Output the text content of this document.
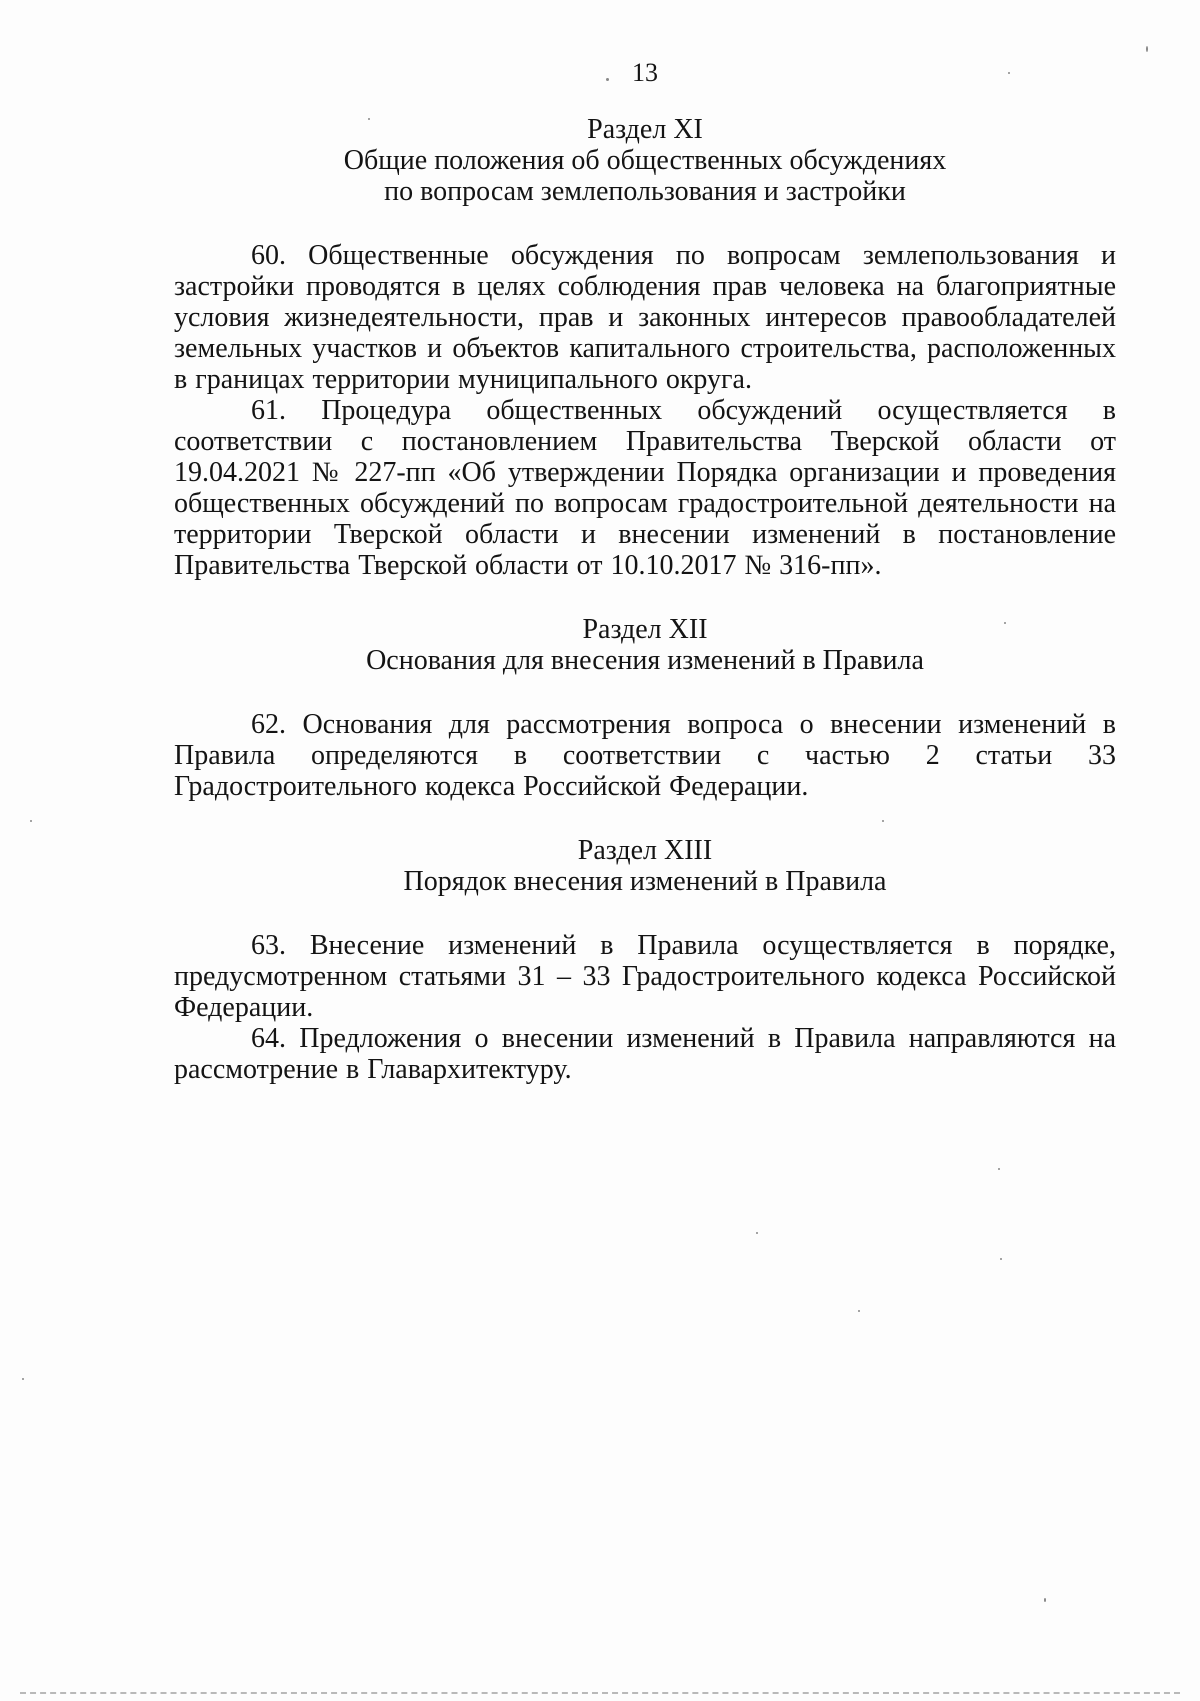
13
Раздел XI
Общие положения об общественных обсуждениях
по вопросам землепользования и застройки

60. Общественные обсуждения по вопросам землепользования и застройки проводятся в целях соблюдения прав человека на благоприятные условия жизнедеятельности, прав и законных интересов правообладателей земельных участков и объектов капитального строительства, расположенных в границах территории муниципального округа.

61. Процедура общественных обсуждений осуществляется в соответствии с постановлением Правительства Тверской области от 19.04.2021 № 227-пп «Об утверждении Порядка организации и проведения общественных обсуждений по вопросам градостроительной деятельности на территории Тверской области и внесении изменений в постановление Правительства Тверской области от 10.10.2017 № 316-пп».

Раздел XII
Основания для внесения изменений в Правила

62. Основания для рассмотрения вопроса о внесении изменений в Правила определяются в соответствии с частью 2 статьи 33 Градостроительного кодекса Российской Федерации.

Раздел XIII
Порядок внесения изменений в Правила

63. Внесение изменений в Правила осуществляется в порядке, предусмотренном статьями 31 – 33 Градостроительного кодекса Российской Федерации.

64. Предложения о внесении изменений в Правила направляются на рассмотрение в Главархитектуру.
